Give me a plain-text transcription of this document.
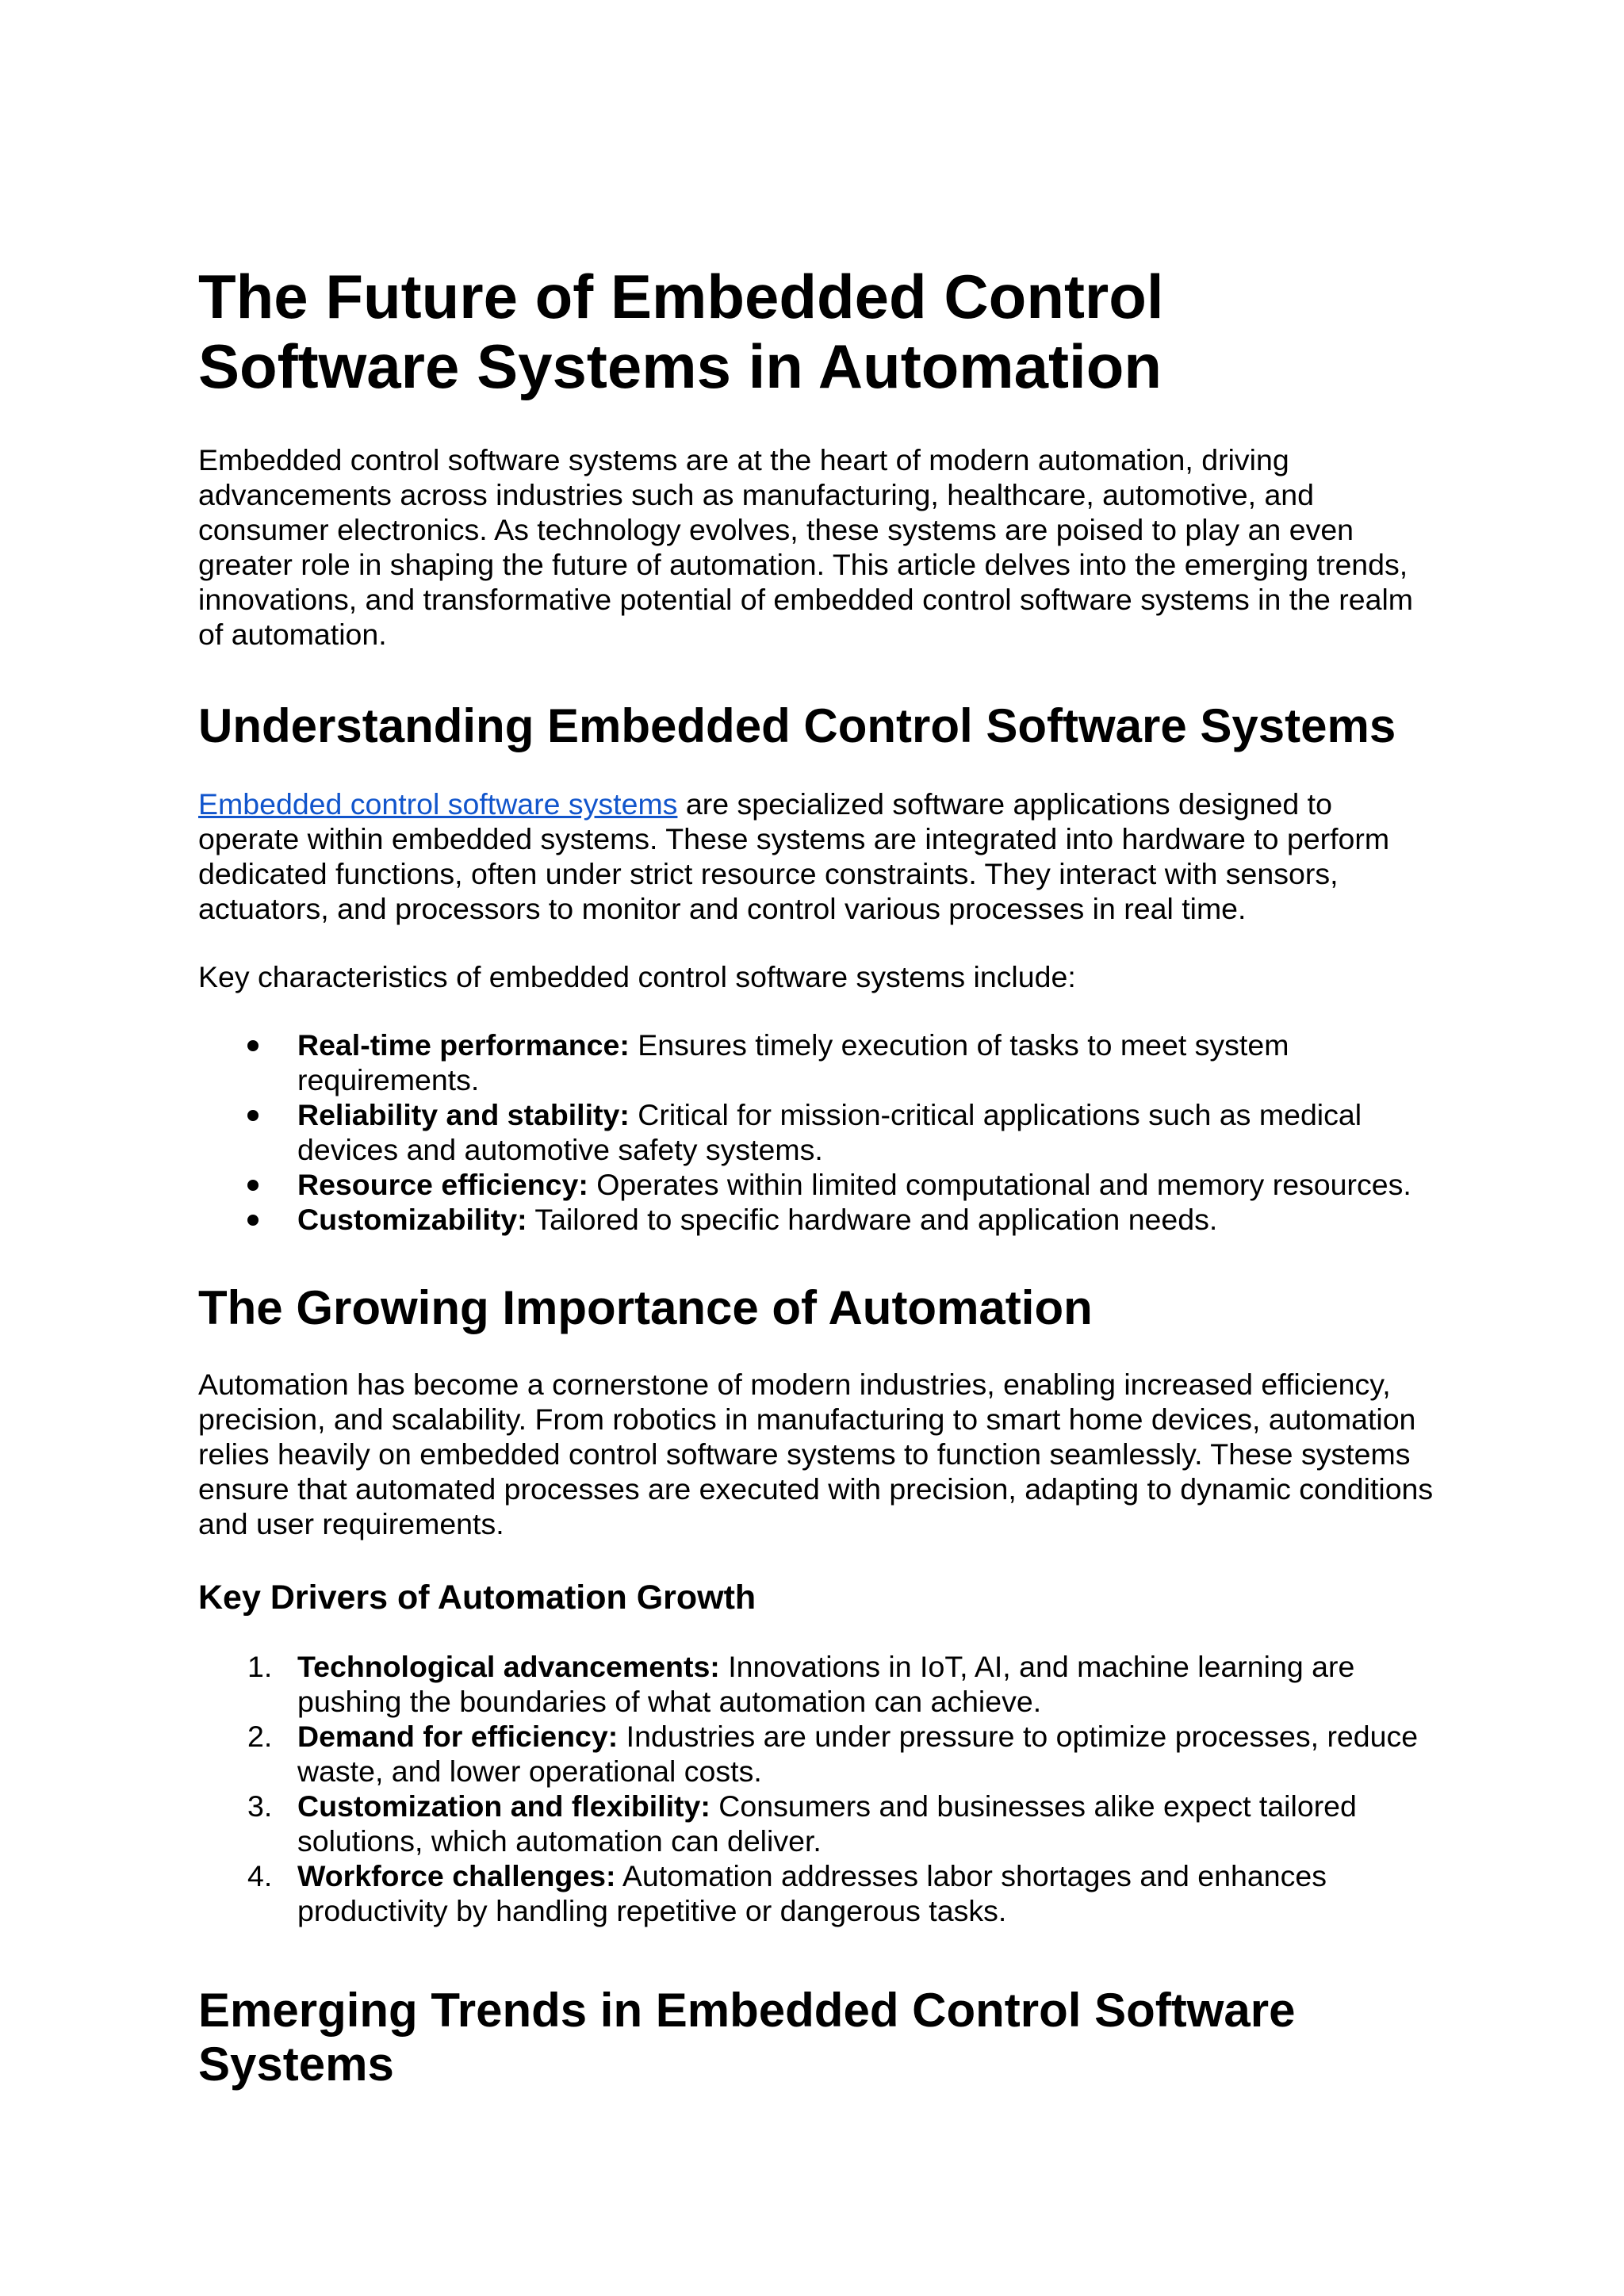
The Future of Embedded Control
Software Systems in Automation

Embedded control software systems are at the heart of modern automation, driving advancements across industries such as manufacturing, healthcare, automotive, and consumer electronics. As technology evolves, these systems are poised to play an even greater role in shaping the future of automation. This article delves into the emerging trends, innovations, and transformative potential of embedded control software systems in the realm of automation.

Understanding Embedded Control Software Systems

Embedded control software systems are specialized software applications designed to operate within embedded systems. These systems are integrated into hardware to perform dedicated functions, often under strict resource constraints. They interact with sensors, actuators, and processors to monitor and control various processes in real time.

Key characteristics of embedded control software systems include:

Real-time performance: Ensures timely execution of tasks to meet system requirements.
Reliability and stability: Critical for mission-critical applications such as medical devices and automotive safety systems.
Resource efficiency: Operates within limited computational and memory resources.
Customizability: Tailored to specific hardware and application needs.
The Growing Importance of Automation

Automation has become a cornerstone of modern industries, enabling increased efficiency, precision, and scalability. From robotics in manufacturing to smart home devices, automation relies heavily on embedded control software systems to function seamlessly. These systems ensure that automated processes are executed with precision, adapting to dynamic conditions and user requirements.

Key Drivers of Automation Growth
1. Technological advancements: Innovations in IoT, AI, and machine learning are pushing the boundaries of what automation can achieve.
2. Demand for efficiency: Industries are under pressure to optimize processes, reduce waste, and lower operational costs.
3. Customization and flexibility: Consumers and businesses alike expect tailored solutions, which automation can deliver.
4. Workforce challenges: Automation addresses labor shortages and enhances productivity by handling repetitive or dangerous tasks.
Emerging Trends in Embedded Control Software
Systems
